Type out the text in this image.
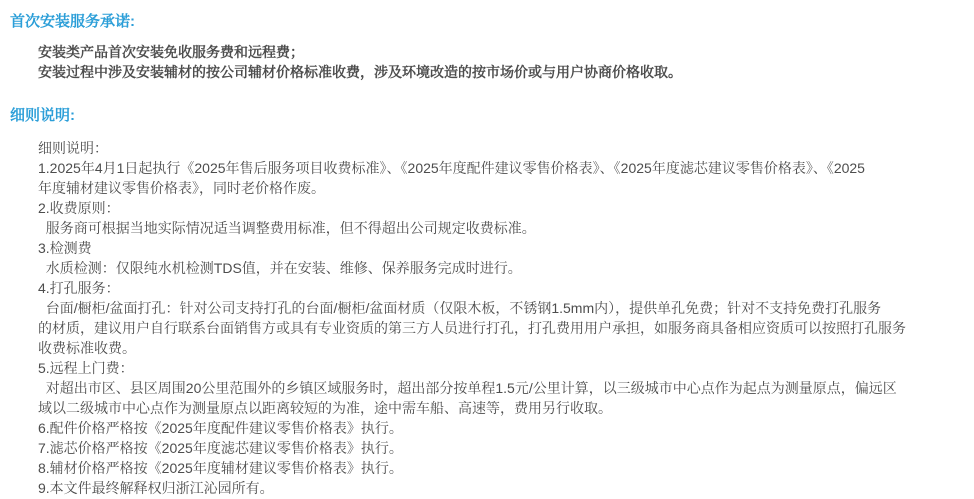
首次安装服务承诺:
安装类产品首次安装免收服务费和远程费；
安装过程中涉及安装辅材的按公司辅材价格标准收费，涉及环境改造的按市场价或与用户协商价格收取。
细则说明:
细则说明：
1.2025年4月1日起执行《2025年售后服务项目收费标准》、《2025年度配件建议零售价格表》、《2025年度滤芯建议零售价格表》、《2025
年度辅材建议零售价格表》，同时老价格作废。
2.收费原则：
服务商可根据当地实际情况适当调整费用标准，但不得超出公司规定收费标准。
3.检测费
水质检测：仅限纯水机检测TDS值，并在安装、维修、保养服务完成时进行。
4.打孔服务：
台面/橱柜/盆面打孔：针对公司支持打孔的台面/橱柜/盆面材质（仅限木板，不锈钢1.5mm内），提供单孔免费；针对不支持免费打孔服务
的材质，建议用户自行联系台面销售方或具有专业资质的第三方人员进行打孔，打孔费用用户承担，如服务商具备相应资质可以按照打孔服务
收费标准收费。
5.远程上门费：
对超出市区、县区周围20公里范围外的乡镇区域服务时，超出部分按单程1.5元/公里计算，以三级城市中心点作为起点为测量原点，偏远区
域以二级城市中心点作为测量原点以距离较短的为准，途中需车船、高速等，费用另行收取。
6.配件价格严格按《2025年度配件建议零售价格表》执行。
7.滤芯价格严格按《2025年度滤芯建议零售价格表》执行。
8.辅材价格严格按《2025年度辅材建议零售价格表》执行。
9.本文件最终解释权归浙江沁园所有。
